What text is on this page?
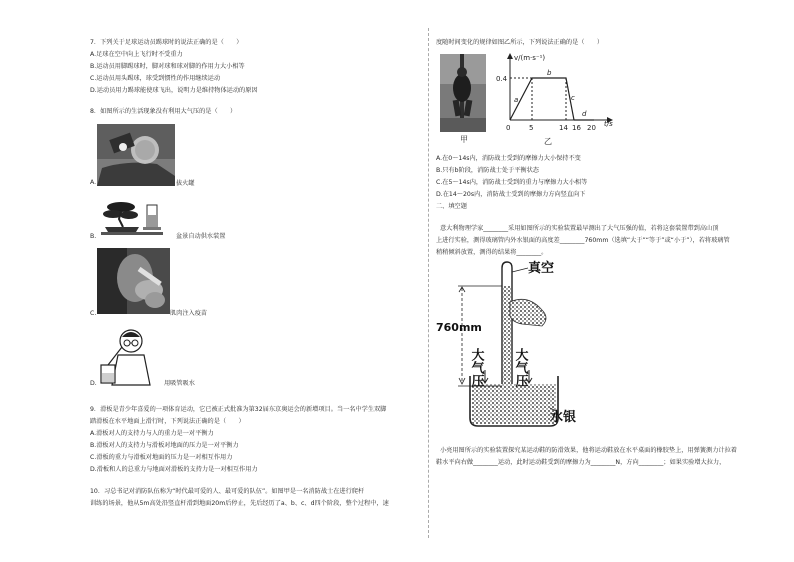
7．下列关于足球运动员踢球时的说法正确的是（　　）
A.足球在空中向上飞行时不受重力
B.运动员用脚踢球时，脚对球和球对脚的作用力大小相等
C.运动员用头踢球，球受到惯性的作用继续运动
D.运动员用力踢球能使球飞出，说明力是维持物体运动的原因
8．如图所示的生活现象没有利用大气压的是（　　）
A.	拔火罐
B.	盆景自动供水装置
C.	肌肉注入疫苗
D.	用吸管吸水
9．滑板是青少年喜爱的一项体育运动，它已被正式批准为第32届东京奥运会的新增项目。当一名中学生双脚
踏滑板在水平地面上滑行时，下列说法正确的是（　　）
A.滑板对人的支持力与人的重力是一对平衡力
B.滑板对人的支持力与滑板对地面的压力是一对平衡力
C.滑板的重力与滑板对地面的压力是一对相互作用力
D.滑板和人的总重力与地面对滑板的支持力是一对相互作用力
10．习总书记对消防队伍称为“时代最可爱的人、最可爱的队伍”。如图甲是一名消防战士在进行爬杆
训练的场景，他从5m高处沿竖直杆滑到地面20m后停止，先后经历了a、b、c、d四个阶段，整个过程中，速
度随时间变化的规律如图乙所示，下列说法正确的是（　　）
甲
v/(m·s⁻¹)
0.4
0	5	14 16 20 t/s
a
b
c
d
乙
A.在0～14s内，消防战士受到的摩擦力大小保持不变
B.只有b阶段，消防战士处于平衡状态
C.在5～14s内，消防战士受到的重力与摩擦力大小相等
D.在14～20s内，消防战士受到的摩擦力方向竖直向下
二、填空题
意大利物理学家________采用如图所示的实验装置最早测出了大气压强的值，若将这套装置带到高山顶
上进行实验，测得玻璃管内外水银面的高度差________760mm（选填“大于”“等于”或“小于”），若将玻璃管
稍稍倾斜放置，测得的结果将________。
真空
760mm
大气压 大气压
水银
小亮用图所示的实验装置探究某运动鞋的防滑效果，他将运动鞋放在水平桌面的橡胶垫上，用弹簧测力计拉着
鞋水平向右做________运动，此时运动鞋受到的摩擦力为________N，方向________；如果实验增大拉力，
